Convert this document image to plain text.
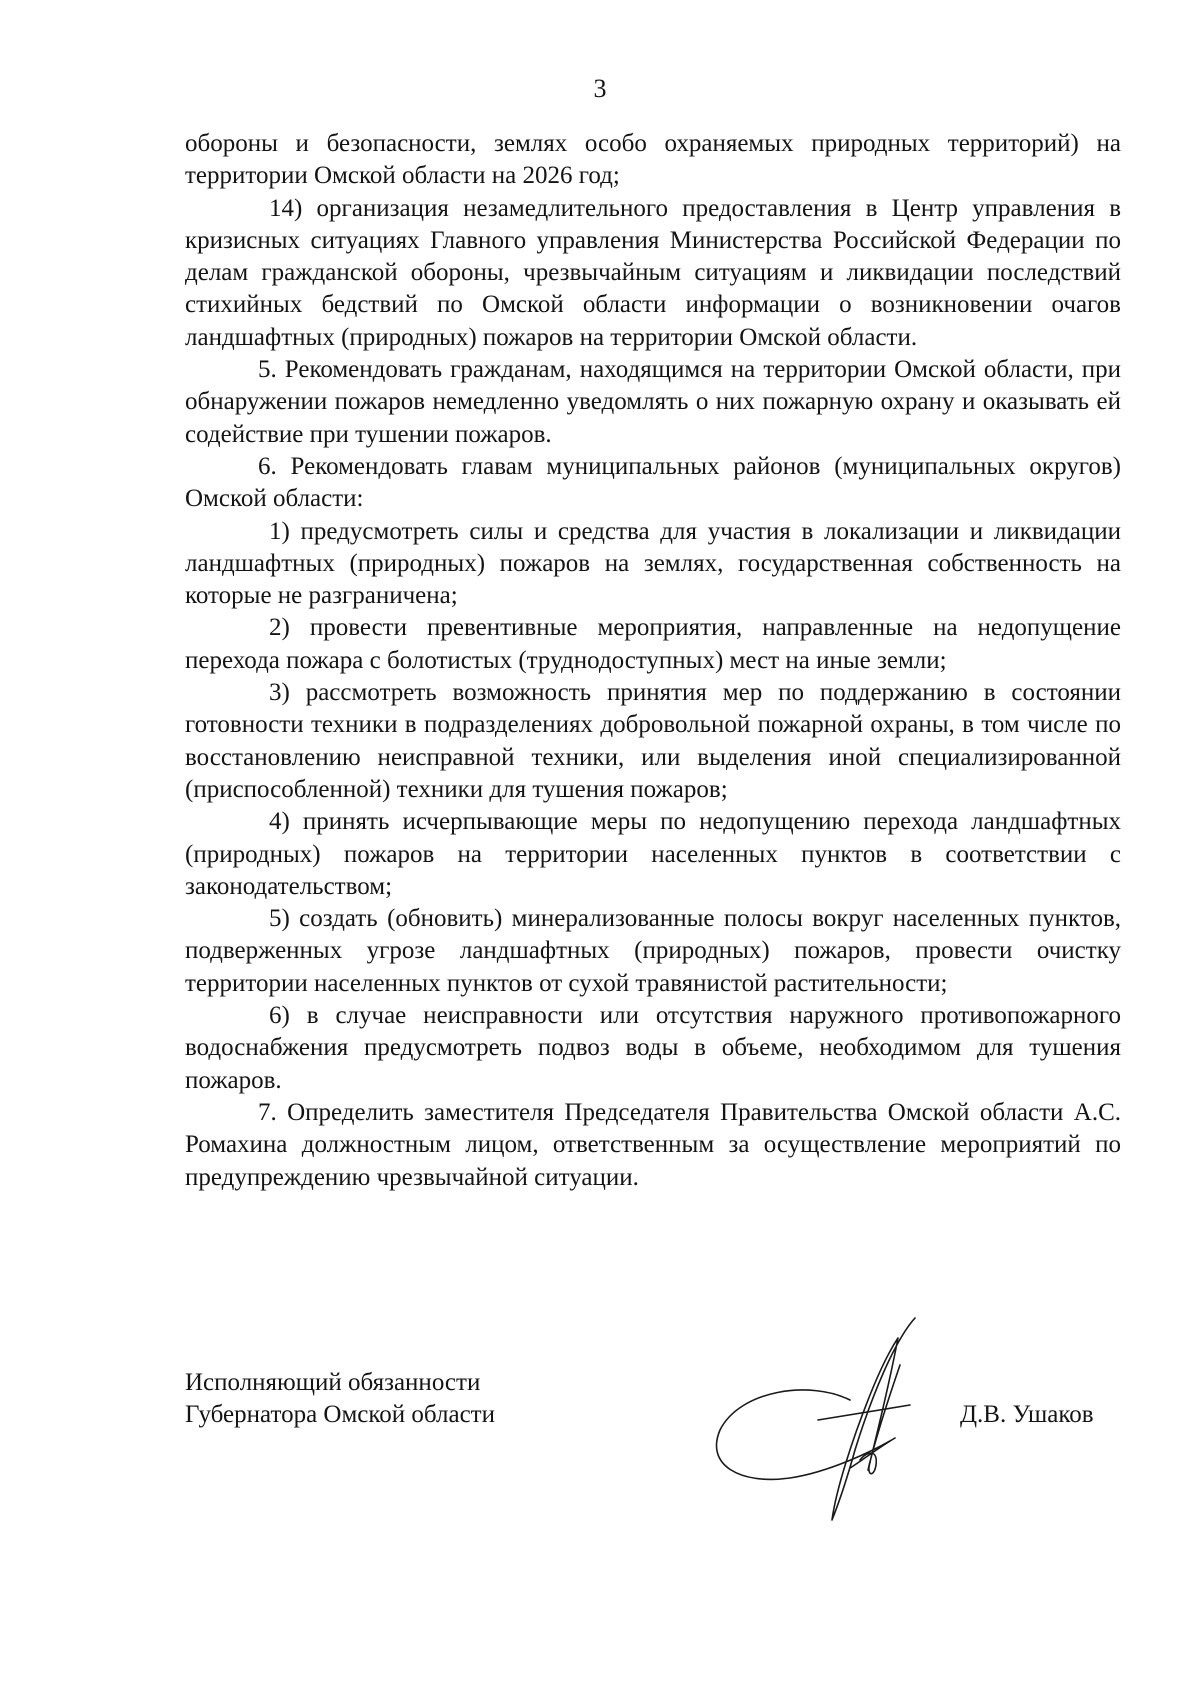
3

обороны и безопасности, землях особо охраняемых природных территорий) на территории Омской области на 2026 год;

14) организация незамедлительного предоставления в Центр управления в кризисных ситуациях Главного управления Министерства Российской Федерации по делам гражданской обороны, чрезвычайным ситуациям и ликвидации последствий стихийных бедствий по Омской области информации о возникновении очагов ландшафтных (природных) пожаров на территории Омской области.

5. Рекомендовать гражданам, находящимся на территории Омской области, при обнаружении пожаров немедленно уведомлять о них пожарную охрану и оказывать ей содействие при тушении пожаров.

6. Рекомендовать главам муниципальных районов (муниципальных округов) Омской области:

1) предусмотреть силы и средства для участия в локализации и ликвидации ландшафтных (природных) пожаров на землях, государственная собственность на которые не разграничена;

2) провести превентивные мероприятия, направленные на недопущение перехода пожара с болотистых (труднодоступных) мест на иные земли;

3) рассмотреть возможность принятия мер по поддержанию в состоянии готовности техники в подразделениях добровольной пожарной охраны, в том числе по восстановлению неисправной техники, или выделения иной специализированной (приспособленной) техники для тушения пожаров;

4) принять исчерпывающие меры по недопущению перехода ландшафтных (природных) пожаров на территории населенных пунктов в соответствии с законодательством;

5) создать (обновить) минерализованные полосы вокруг населенных пунктов, подверженных угрозе ландшафтных (природных) пожаров, провести очистку территории населенных пунктов от сухой травянистой растительности;

6) в случае неисправности или отсутствия наружного противопожарного водоснабжения предусмотреть подвоз воды в объеме, необходимом для тушения пожаров.

7. Определить заместителя Председателя Правительства Омской области А.С. Ромахина должностным лицом, ответственным за осуществление мероприятий по предупреждению чрезвычайной ситуации.

Исполняющий обязанности
Губернатора Омской области	Д.В. Ушаков
